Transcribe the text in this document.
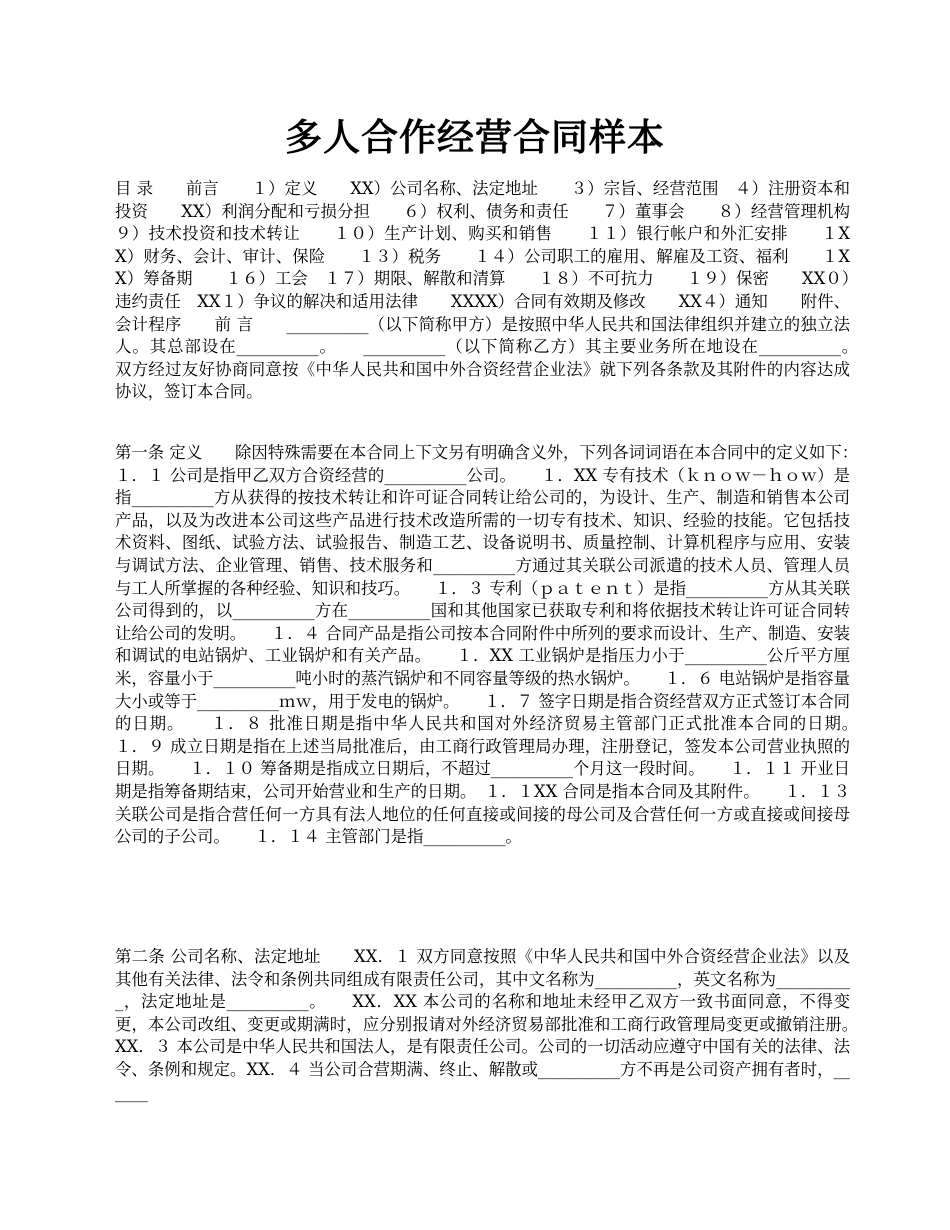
多人合作经营合同样本

目 录　　前言　　１）定义　　XX）公司名称、法定地址　　３）宗旨、经营范围　４）注册资本和投资　　XX）利润分配和亏损分担　　６）权利、债务和责任　　７）董事会　　８）经营管理机构　　９）技术投资和技术转让　　１０）生产计划、购买和销售　　１１）银行帐户和外汇安排　　１XX）财务、会计、审计、保险　　１３）税务　　１４）公司职工的雇用、解雇及工资、福利　　１XX）筹备期　　１６）工会　１７）期限、解散和清算　　１８）不可抗力　　１９）保密　　XX０）违约责任　XX１）争议的解决和适用法律　　XXXX）合同有效期及修改　　XX４）通知　　附件、会计程序　　前 言　　__________（以下简称甲方）是按照中华人民共和国法律组织并建立的独立法人。其总部设在__________。　　__________（以下简称乙方）其主要业务所在地设在__________。　　双方经过友好协商同意按《中华人民共和国中外合资经营企业法》就下列各条款及其附件的内容达成协议，签订本合同。

第一条 定义　　除因特殊需要在本合同上下文另有明确含义外，下列各词词语在本合同中的定义如下：　　１．１ 公司是指甲乙双方合资经营的__________公司。　　１．XX 专有技术（ｋｎｏｗ－ｈｏｗ）是指__________方从获得的按技术转让和许可证合同转让给公司的，为设计、生产、制造和销售本公司产品，以及为改进本公司这些产品进行技术改造所需的一切专有技术、知识、经验的技能。它包括技术资料、图纸、试验方法、试验报告、制造工艺、设备说明书、质量控制、计算机程序与应用、安装与调试方法、企业管理、销售、技术服务和__________方通过其关联公司派遣的技术人员、管理人员与工人所掌握的各种经验、知识和技巧。　　１．３ 专利（ｐａｔｅｎｔ）是指__________方从其关联公司得到的，以__________方在__________国和其他国家已获取专利和将依据技术转让许可证合同转让给公司的发明。　　１．４ 合同产品是指公司按本合同附件中所列的要求而设计、生产、制造、安装和调试的电站锅炉、工业锅炉和有关产品。　　１．XX 工业锅炉是指压力小于__________公斤平方厘米，容量小于__________吨小时的蒸汽锅炉和不同容量等级的热水锅炉。　　１．６ 电站锅炉是指容量大小或等于__________ｍｗ，用于发电的锅炉。　　１．７ 签字日期是指合资经营双方正式签订本合同的日期。　　１．８ 批准日期是指中华人民共和国对外经济贸易主管部门正式批准本合同的日期。　　１．９ 成立日期是指在上述当局批准后，由工商行政管理局办理，注册登记，签发本公司营业执照的日期。　　１．１０ 筹备期是指成立日期后，不超过__________个月这一段时间。　　１．１１ 开业日期是指筹备期结束，公司开始营业和生产的日期。　１．１XX 合同是指本合同及其附件。　　１．１３ 关联公司是指合营任何一方具有法人地位的任何直接或间接的母公司及合营任何一方或直接或间接母公司的子公司。　　１．１４ 主管部门是指__________。

第二条 公司名称、法定地址　　XX．１ 双方同意按照《中华人民共和国中外合资经营企业法》以及其他有关法律、法令和条例共同组成有限责任公司，其中文名称为__________，英文名称为__________，法定地址是__________。　　XX．XX 本公司的名称和地址未经甲乙双方一致书面同意，不得变更，本公司改组、变更或期满时，应分别报请对外经济贸易部批准和工商行政管理局变更或撤销注册。　　XX．３ 本公司是中华人民共和国法人，是有限责任公司。公司的一切活动应遵守中国有关的法律、法令、条例和规定。XX．４ 当公司合营期满、终止、解散或__________方不再是公司资产拥有者时，______
